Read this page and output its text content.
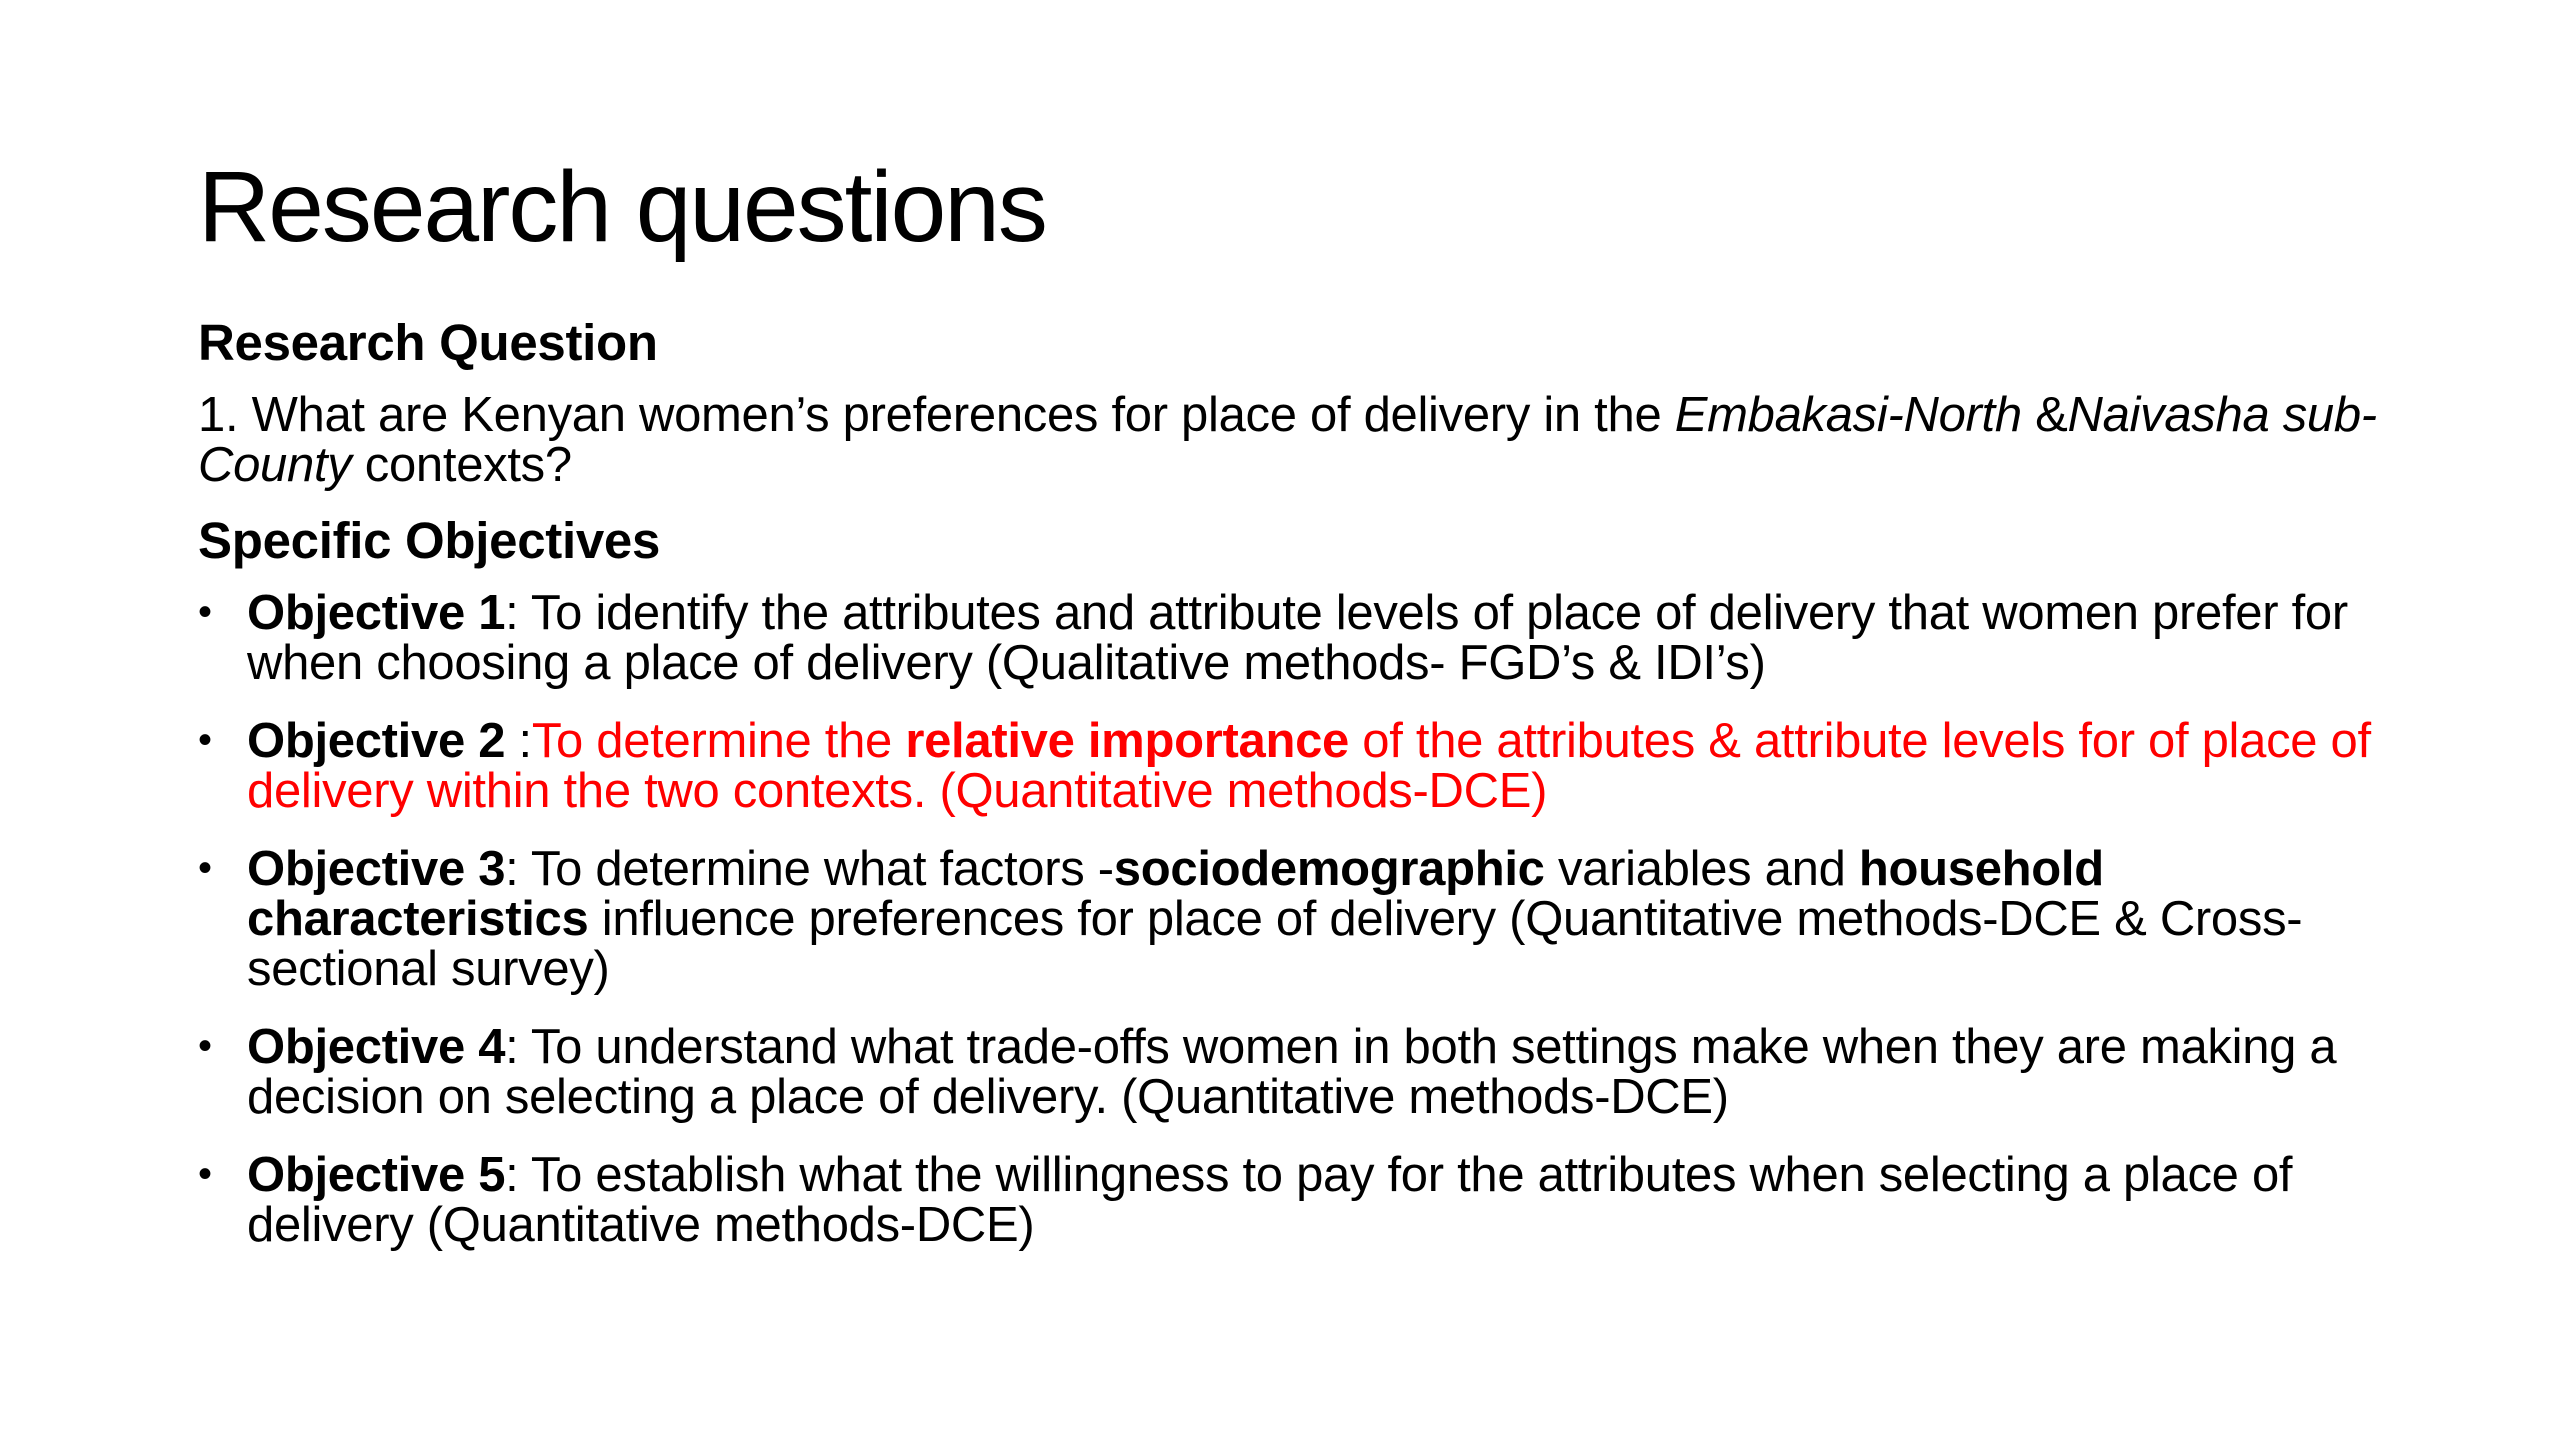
Research questions

Research Question

1. What are Kenyan women’s preferences for place of delivery in the Embakasi-North &Naivasha sub-County contexts?

Specific Objectives

• Objective 1: To identify the attributes and attribute levels of place of delivery that women prefer for when choosing a place of delivery (Qualitative methods- FGD’s & IDI’s)
• Objective 2 :To determine the relative importance of the attributes & attribute levels for of place of delivery within the two contexts. (Quantitative methods-DCE)
• Objective 3: To determine what factors -sociodemographic variables and household characteristics influence preferences for place of delivery (Quantitative methods-DCE & Cross-sectional survey)
• Objective 4: To understand what trade-offs women in both settings make when they are making a decision on selecting a place of delivery. (Quantitative methods-DCE)
• Objective 5: To establish what the willingness to pay for the attributes when selecting a place of delivery (Quantitative methods-DCE)
